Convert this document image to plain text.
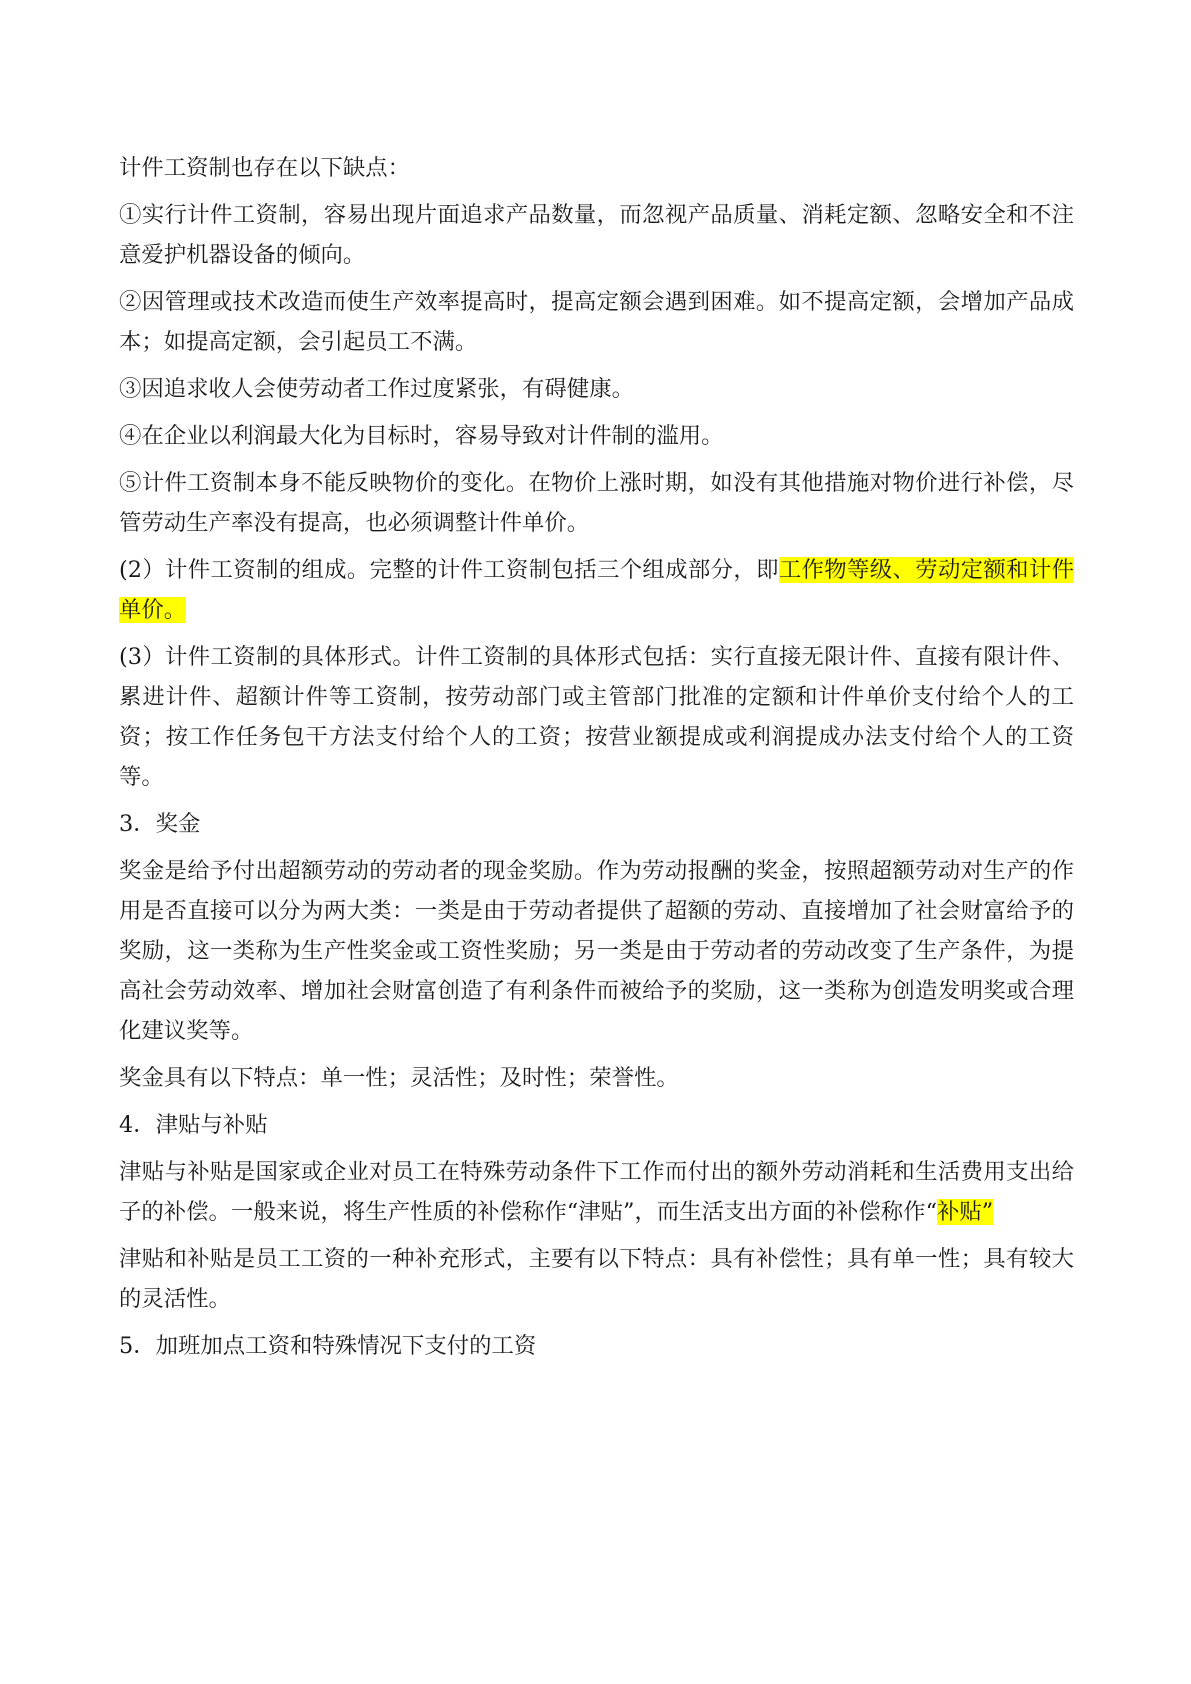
计件工资制也存在以下缺点：

①实行计件工资制，容易出现片面追求产品数量，而忽视产品质量、消耗定额、忽略安全和不注意爱护机器设备的倾向。

②因管理或技术改造而使生产效率提高时，提高定额会遇到困难。如不提高定额，会增加产品成本；如提高定额，会引起员工不满。

③因追求收人会使劳动者工作过度紧张，有碍健康。

④在企业以利润最大化为目标时，容易导致对计件制的滥用。

⑤计件工资制本身不能反映物价的变化。在物价上涨时期，如没有其他措施对物价进行补偿，尽管劳动生产率没有提高，也必须调整计件单价。

(2）计件工资制的组成。完整的计件工资制包括三个组成部分，即工作物等级、劳动定额和计件单价。

(3）计件工资制的具体形式。计件工资制的具体形式包括：实行直接无限计件、直接有限计件、累进计件、超额计件等工资制，按劳动部门或主管部门批准的定额和计件单价支付给个人的工资；按工作任务包干方法支付给个人的工资；按营业额提成或利润提成办法支付给个人的工资等。

3．奖金

奖金是给予付出超额劳动的劳动者的现金奖励。作为劳动报酬的奖金，按照超额劳动对生产的作用是否直接可以分为两大类：一类是由于劳动者提供了超额的劳动、直接增加了社会财富给予的奖励，这一类称为生产性奖金或工资性奖励；另一类是由于劳动者的劳动改变了生产条件，为提高社会劳动效率、增加社会财富创造了有利条件而被给予的奖励，这一类称为创造发明奖或合理化建议奖等。

奖金具有以下特点：单一性；灵活性；及时性；荣誉性。

4．津贴与补贴

津贴与补贴是国家或企业对员工在特殊劳动条件下工作而付出的额外劳动消耗和生活费用支出给子的补偿。一般来说，将生产性质的补偿称作“津贴”，而生活支出方面的补偿称作“补贴”

津贴和补贴是员工工资的一种补充形式，主要有以下特点：具有补偿性；具有单一性；具有较大的灵活性。

5．加班加点工资和特殊情况下支付的工资
